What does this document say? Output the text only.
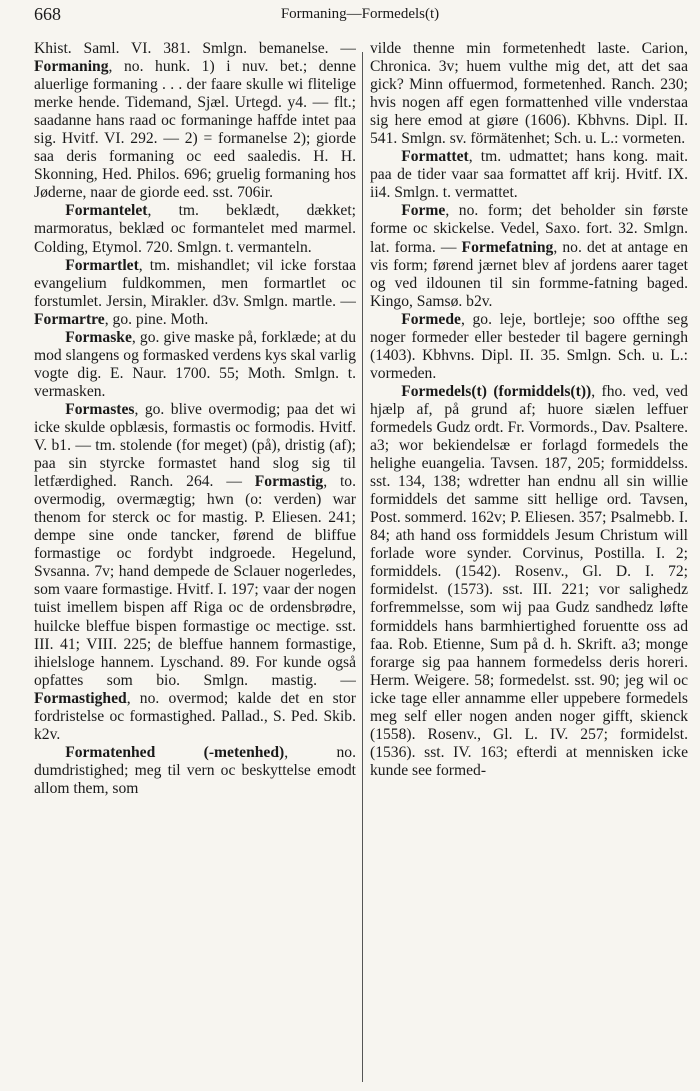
668	Formaning—Formedels(t)

Khist. Saml. VI. 381. Smlgn. bemanelse. — Formaning, no. hunk. 1) i nuv. bet.; denne aluerlige formaning . . . der faare skulle wi flitelige merke hende. Tidemand, Sjæl. Urtegd. y4. — flt.; saadanne hans raad oc formaninge haffde intet paa sig. Hvitf. VI. 292. — 2) = formanelse 2); giorde saa deris formaning oc eed saaledis. H. H. Skonning, Hed. Philos. 696; gruelig formaning hos Jøderne, naar de giorde eed. sst. 706ir.

Formantelet, tm. beklædt, dækket; marmoratus, beklæd oc formantelet med marmel. Colding, Etymol. 720. Smlgn. t. vermanteln.

Formartlet, tm. mishandlet; vil icke forstaa evangelium fuldkommen, men formartlet oc forstumlet. Jersin, Mirakler. d3v. Smlgn. martle. — Formartre, go. pine. Moth.

Formaske, go. give maske på, forklæde; at du mod slangens og formasked verdens kys skal varlig vogte dig. E. Naur. 1700. 55; Moth. Smlgn. t. vermasken.

Formastes, go. blive overmodig; paa det wi icke skulde opblæsis, formastis oc formodis. Hvitf. V. b1. — tm. stolende (for meget) (på), dristig (af); paa sin styrcke formastet hand slog sig til letfærdighed. Ranch. 264. — Formastig, to. overmodig, overmægtig; hwn (o: verden) war thenom for sterck oc for mastig. P. Eliesen. 241; dempe sine onde tancker, førend de bliffue formastige oc fordybt indgroede. Hegelund, Svsanna. 7v; hand dempede de Sclauer nogerledes, som vaare formastige. Hvitf. I. 197; vaar der nogen tuist imellem bispen aff Riga oc de ordensbrødre, huilcke bleffue bispen formastige oc mectige. sst. III. 41; VIII. 225; de bleffue hannem formastige, ihielsloge hannem. Lyschand. 89. For kunde også opfattes som bio. Smlgn. mastig. — Formastighed, no. overmod; kalde det en stor fordristelse oc formastighed. Pallad., S. Ped. Skib. k2v.

Formatenhed (-metenhed), no. dumdristighed; meg til vern oc beskyttelse emodt allom them, som

vilde thenne min formetenhedt laste. Carion, Chronica. 3v; huem vulthe mig det, att det saa gick? Minn offuermod, formetenhed. Ranch. 230; hvis nogen aff egen formattenhed ville vnderstaa sig here emod at giøre (1606). Kbhvns. Dipl. II. 541. Smlgn. sv. förmätenhet; Sch. u. L.: vormeten.

Formattet, tm. udmattet; hans kong. mait. paa de tider vaar saa formattet aff krij. Hvitf. IX. ii4. Smlgn. t. vermattet.

Forme, no. form; det beholder sin første forme oc skickelse. Vedel, Saxo. fort. 32. Smlgn. lat. forma. — Formefatning, no. det at antage en vis form; førend jærnet blev af jordens aarer taget og ved ildounen til sin formme-fatning baged. Kingo, Samsø. b2v.

Formede, go. leje, bortleje; soo offthe seg noger formeder eller besteder til bagere gerningh (1403). Kbhvns. Dipl. II. 35. Smlgn. Sch. u. L.: vormeden.

Formedels(t) (formiddels(t)), fho. ved, ved hjælp af, på grund af; huore siælen leffuer formedels Gudz ordt. Fr. Vormords., Dav. Psaltere. a3; wor bekiendelsæ er forlagd formedels the helighe euangelia. Tavsen. 187, 205; formiddelss. sst. 134, 138; wdretter han endnu all sin willie formiddels det samme sitt hellige ord. Tavsen, Post. sommerd. 162v; P. Eliesen. 357; Psalmebb. I. 84; ath hand oss formiddels Jesum Christum will forlade wore synder. Corvinus, Postilla. I. 2; formiddels. (1542). Rosenv., Gl. D. I. 72; formidelst. (1573). sst. III. 221; vor salighedz forfremmelsse, som wij paa Gudz sandhedz løfte formiddels hans barmhiertighed foruentte oss ad faa. Rob. Etienne, Sum på d. h. Skrift. a3; monge forarge sig paa hannem formedelss deris horeri. Herm. Weigere. 58; formedelst. sst. 90; jeg wil oc icke tage eller annamme eller uppebere formedels meg self eller nogen anden noger gifft, skienck (1558). Rosenv., Gl. L. IV. 257; formidelst. (1536). sst. IV. 163; efterdi at mennisken icke kunde see formed-
